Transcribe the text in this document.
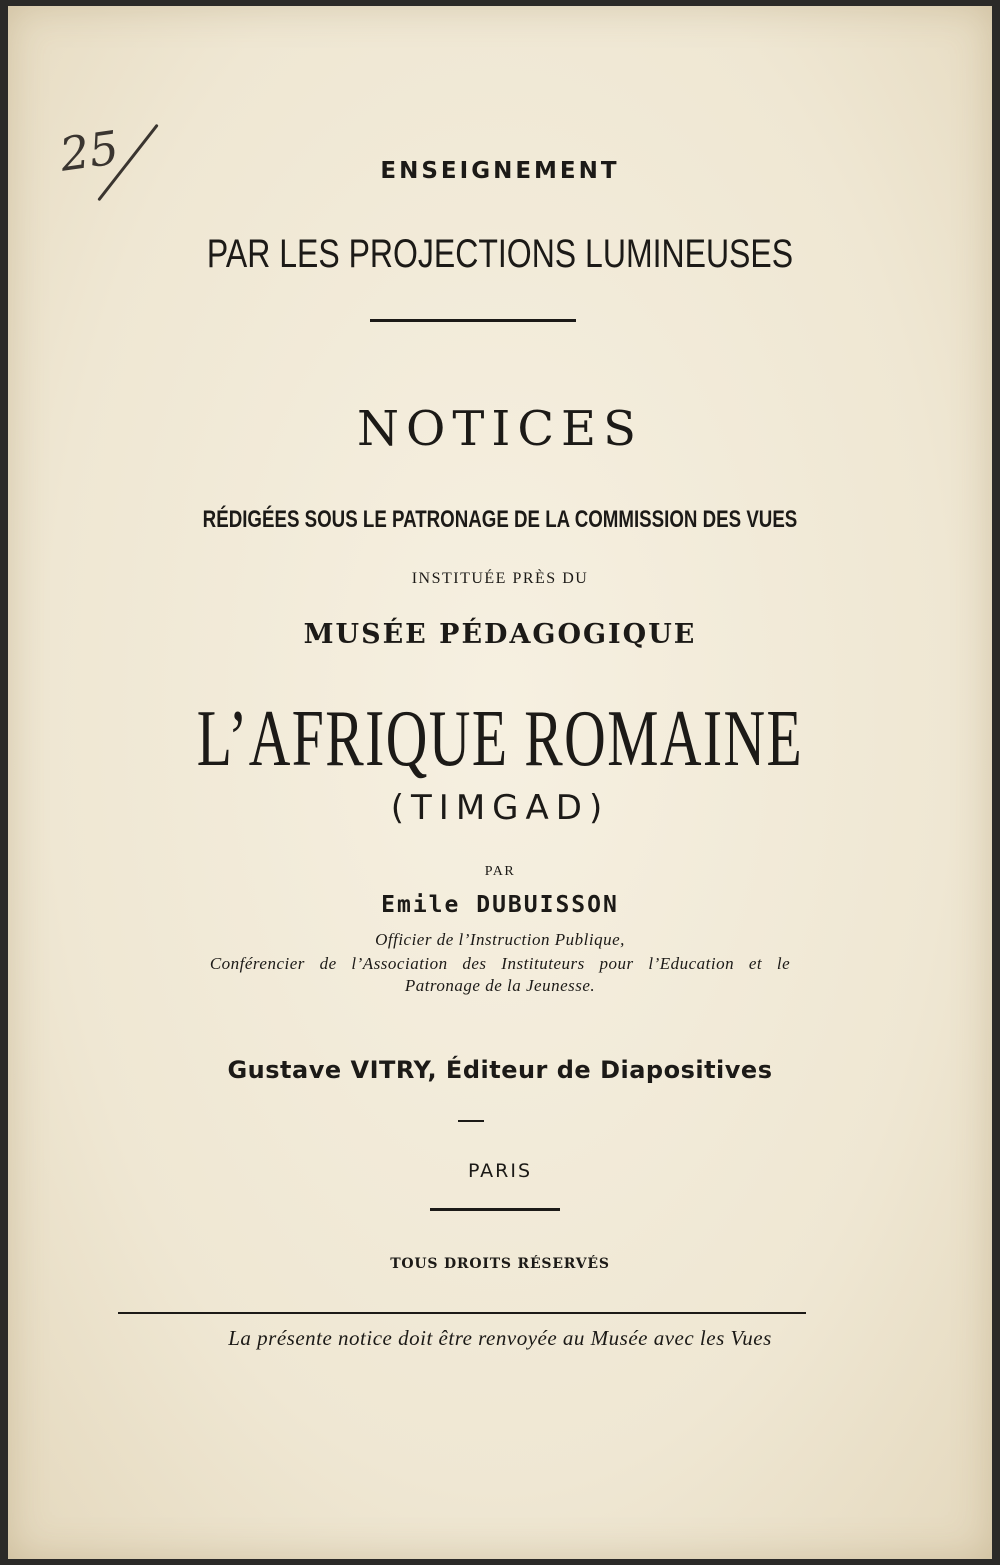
25	ENSEIGNEMENT
PAR LES PROJECTIONS LUMINEUSES
NOTICES
RÉDIGÉES SOUS LE PATRONAGE DE LA COMMISSION DES VUES
INSTITUÉE PRÈS DU
MUSÉE PÉDAGOGIQUE
L’AFRIQUE ROMAINE
(TIMGAD)
PAR
Emile DUBUISSON
Officier de l’Instruction Publique,
Conférencier de l’Association des Instituteurs pour l’Education et le
Patronage de la Jeunesse.
Gustave VITRY, Éditeur de Diapositives
PARIS
TOUS DROITS RÉSERVÉS
La présente notice doit être renvoyée au Musée avec les Vues
